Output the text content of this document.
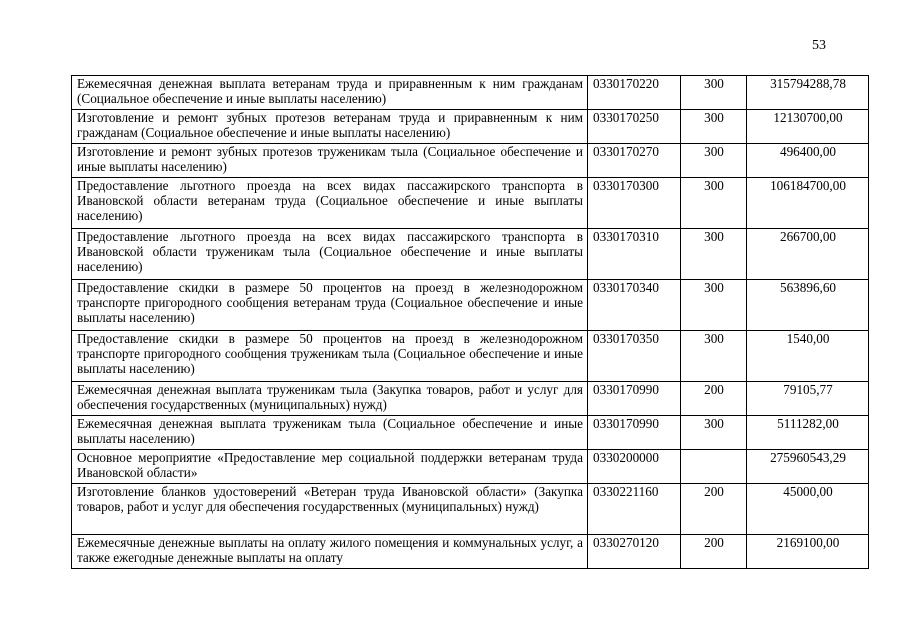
53
Ежемесячная денежная выплата ветеранам труда и приравненным к ним гражданам (Социальное обеспечение и иные выплаты населению)	0330170220	300	315794288,78
Изготовление и ремонт зубных протезов ветеранам труда и приравненным к ним гражданам (Социальное обеспечение и иные выплаты населению)	0330170250	300	12130700,00
Изготовление и ремонт зубных протезов труженикам тыла (Социальное обеспечение и иные выплаты населению)	0330170270	300	496400,00
Предоставление льготного проезда на всех видах пассажирского транспорта в Ивановской области ветеранам труда (Социальное обеспечение и иные выплаты населению)	0330170300	300	106184700,00
Предоставление льготного проезда на всех видах пассажирского транспорта в Ивановской области труженикам тыла (Социальное обеспечение и иные выплаты населению)	0330170310	300	266700,00
Предоставление скидки в размере 50 процентов на проезд в железнодорожном транспорте пригородного сообщения ветеранам труда (Социальное обеспечение и иные выплаты населению)	0330170340	300	563896,60
Предоставление скидки в размере 50 процентов на проезд в железнодорожном транспорте пригородного сообщения труженикам тыла (Социальное обеспечение и иные выплаты населению)	0330170350	300	1540,00
Ежемесячная денежная выплата труженикам тыла (Закупка товаров, работ и услуг для обеспечения государственных (муниципальных) нужд)	0330170990	200	79105,77
Ежемесячная денежная выплата труженикам тыла (Социальное обеспечение и иные выплаты населению)	0330170990	300	5111282,00
Основное мероприятие «Предоставление мер социальной поддержки ветеранам труда Ивановской области»	0330200000		275960543,29
Изготовление бланков удостоверений «Ветеран труда Ивановской области» (Закупка товаров, работ и услуг для обеспечения государственных (муниципальных) нужд)	0330221160	200	45000,00
Ежемесячные денежные выплаты на оплату жилого помещения и коммунальных услуг, а также ежегодные денежные выплаты на оплату	0330270120	200	2169100,00
